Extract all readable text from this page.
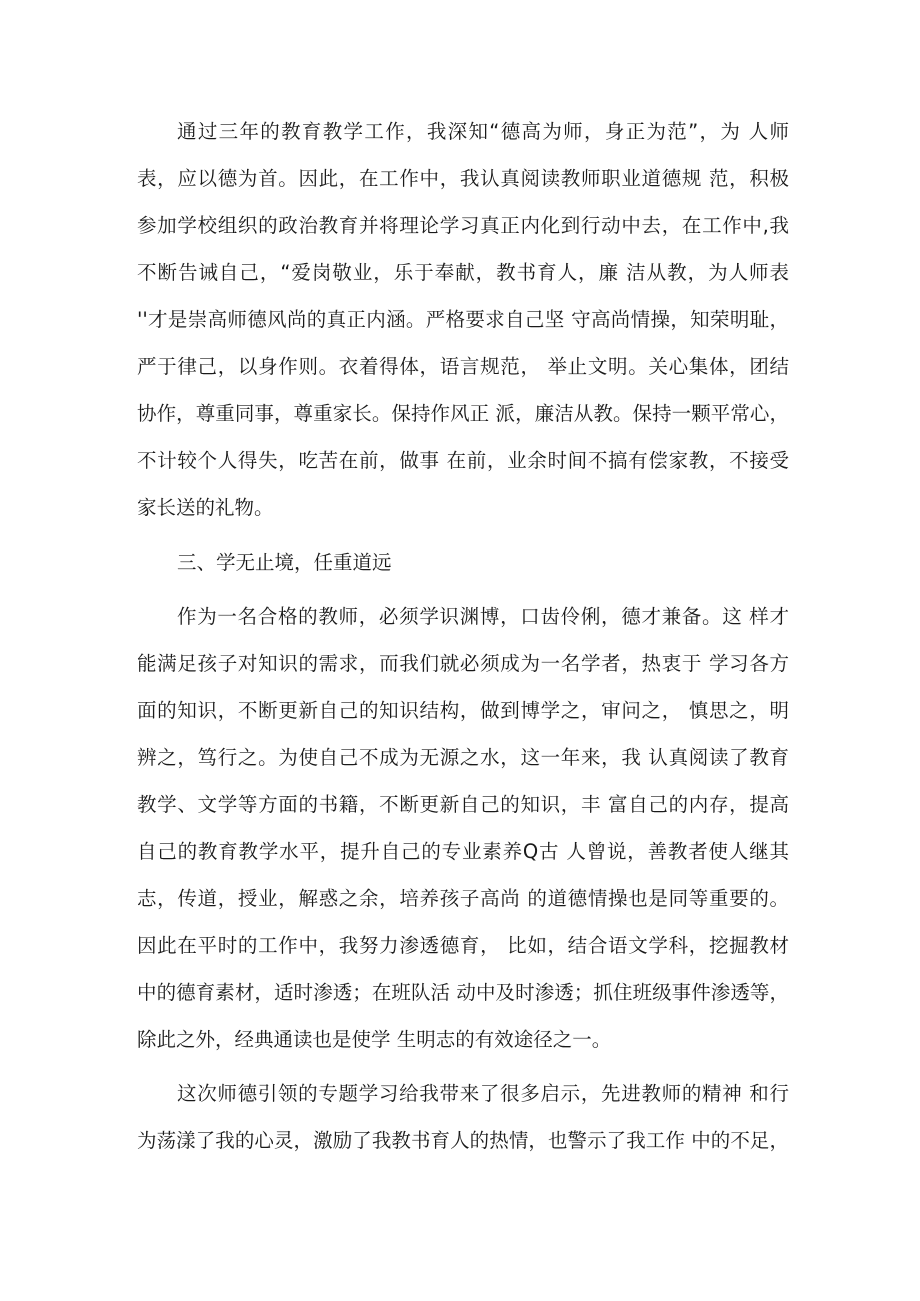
通过三年的教育教学工作，我深知“德高为师，身正为范”，为 人师
表，应以德为首。因此，在工作中，我认真阅读教师职业道德规 范，积极
参加学校组织的政治教育并将理论学习真正内化到行动中去，在工作中,我
不断告诫自己，“爱岗敬业，乐于奉献，教书育人，廉 洁从教，为人师表
''才是崇高师德风尚的真正内涵。严格要求自己坚 守高尚情操，知荣明耻，
严于律己，以身作则。衣着得体，语言规范， 举止文明。关心集体，团结
协作，尊重同事，尊重家长。保持作风正 派，廉洁从教。保持一颗平常心，
不计较个人得失，吃苦在前，做事 在前，业余时间不搞有偿家教，不接受
家长送的礼物。
三、学无止境，任重道远
作为一名合格的教师，必须学识渊博，口齿伶俐，德才兼备。这 样才
能满足孩子对知识的需求，而我们就必须成为一名学者，热衷于 学习各方
面的知识，不断更新自己的知识结构，做到博学之，审问之， 慎思之，明
辨之，笃行之。为使自己不成为无源之水，这一年来，我 认真阅读了教育
教学、文学等方面的书籍，不断更新自己的知识，丰 富自己的内存，提高
自己的教育教学水平，提升自己的专业素养Q古 人曾说，善教者使人继其
志，传道，授业，解惑之余，培养孩子高尚 的道德情操也是同等重要的。
因此在平时的工作中，我努力渗透德育， 比如，结合语文学科，挖掘教材
中的德育素材，适时渗透；在班队活 动中及时渗透；抓住班级事件渗透等，
除此之外，经典通读也是使学 生明志的有效途径之一。
这次师德引领的专题学习给我带来了很多启示，先进教师的精神 和行
为荡漾了我的心灵，激励了我教书育人的热情，也警示了我工作 中的不足，
